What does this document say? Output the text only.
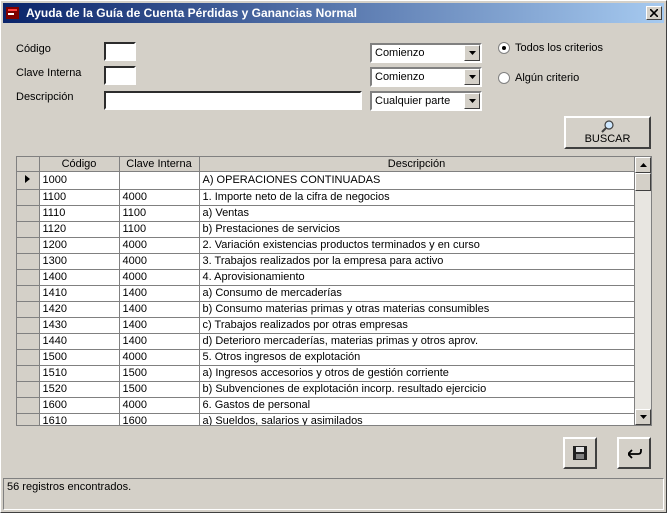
Ayuda de la Guía de Cuenta Pérdidas y Ganancias Normal
Código
Clave Interna
Descripción
Comienzo
Comienzo
Cualquier parte
Todos los criterios
Algún criterio
BUSCAR
	Código	Clave Interna	Descripción
	1000		A) OPERACIONES CONTINUADAS
	1100	4000	1. Importe neto de la cifra de negocios
	1110	1100	a) Ventas
	1120	1100	b) Prestaciones de servicios
	1200	4000	2. Variación existencias productos terminados y en curso
	1300	4000	3. Trabajos realizados por la empresa para activo
	1400	4000	4. Aprovisionamiento
	1410	1400	a) Consumo de mercaderías
	1420	1400	b) Consumo materias primas y otras materias consumibles
	1430	1400	c) Trabajos realizados por otras empresas
	1440	1400	d) Deterioro mercaderías, materias primas y otros aprov.
	1500	4000	5. Otros ingresos de explotación
	1510	1500	a) Ingresos accesorios y otros de gestión corriente
	1520	1500	b) Subvenciones de explotación incorp. resultado ejercicio
	1600	4000	6. Gastos de personal
	1610	1600	a) Sueldos, salarios y asimilados
56 registros encontrados.
